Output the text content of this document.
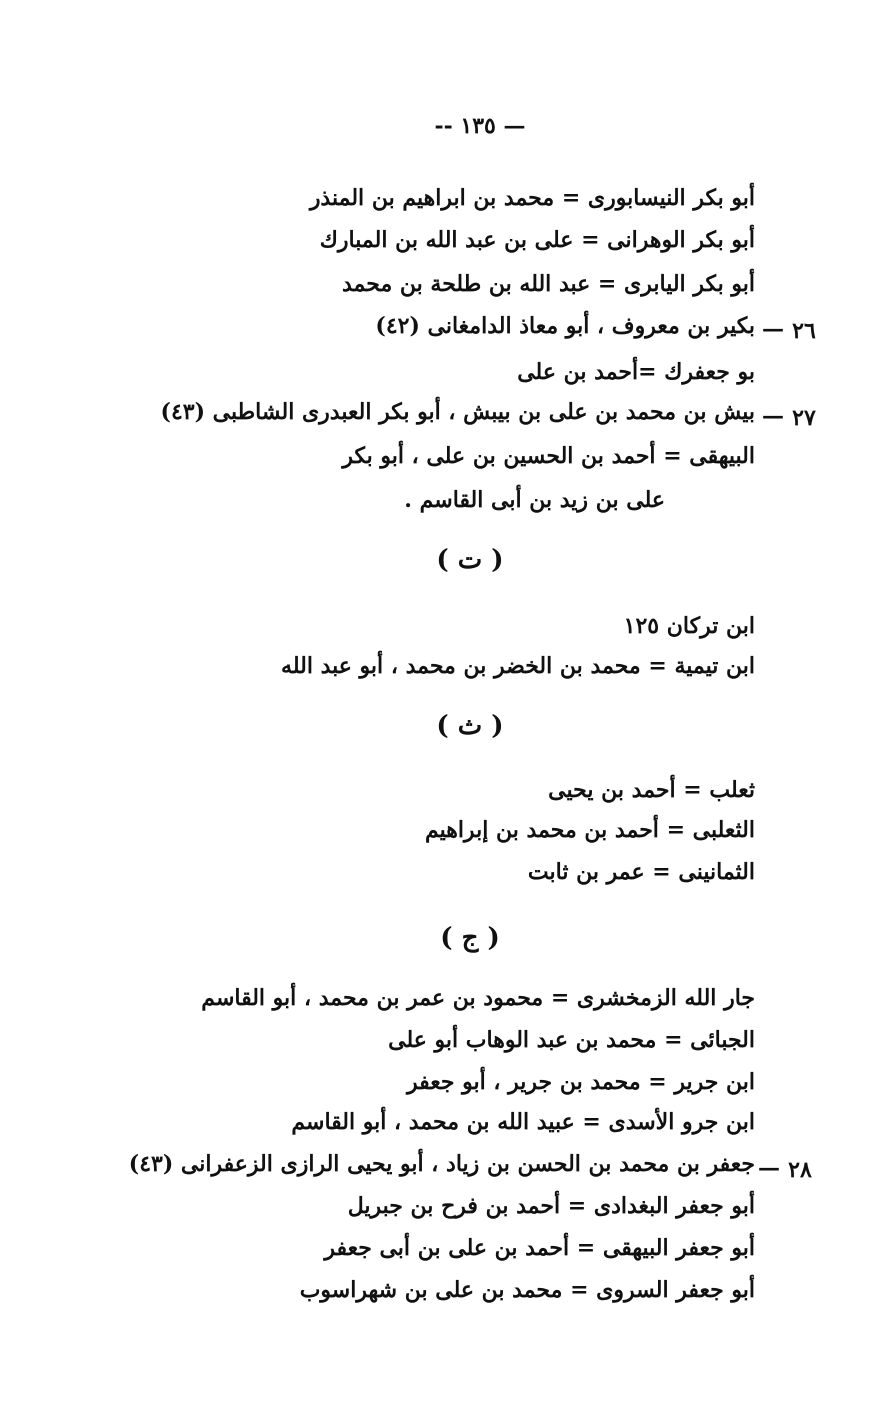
— ١٣٥ --
أبو بكر النيسابورى = محمد بن ابراهيم بن المنذر
أبو بكر الوهرانى = على بن عبد الله بن المبارك
أبو بكر اليابرى = عبد الله بن طلحة بن محمد
٢٦
—
بكير بن معروف ، أبو معاذ الدامغانى (٤٢)
بو جعفرك =أحمد بن على
٢٧
—
بيش بن محمد بن على بن بيبش ، أبو بكر العبدرى الشاطبى (٤٣)
البيهقى = أحمد بن الحسين بن على ، أبو بكر
على بن زيد بن أبى القاسم .
( ت )
ابن تركان ١٢٥
ابن تيمية = محمد بن الخضر بن محمد ، أبو عبد الله
( ث )
ثعلب = أحمد بن يحيى
الثعلبى = أحمد بن محمد بن إبراهيم
الثمانينى = عمر بن ثابت
( ج )
جار الله الزمخشرى = محمود بن عمر بن محمد ، أبو القاسم
الجبائى = محمد بن عبد الوهاب أبو على
ابن جرير = محمد بن جرير ، أبو جعفر
ابن جرو الأسدى = عبيد الله بن محمد ، أبو القاسم
٢٨
—
جعفر بن محمد بن الحسن بن زياد ، أبو يحيى الرازى الزعفرانى (٤٣)
أبو جعفر البغدادى = أحمد بن فرح بن جبريل
أبو جعفر البيهقى = أحمد بن على بن أبى جعفر
أبو جعفر السروى = محمد بن على بن شهراسوب
